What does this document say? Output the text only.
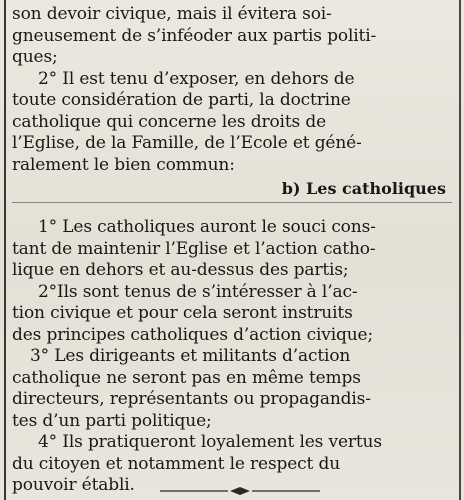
son devoir civique, mais il évitera soi-
gneusement de s’inféoder aux partis politi-
ques;
2° Il est tenu d’exposer, en dehors de
toute considération de parti, la doctrine
catholique qui concerne les droits de
l’Eglise, de la Famille, de l’Ecole et géné-
ralement le bien commun:
b) Les catholiques
1° Les catholiques auront le souci cons-
tant de maintenir l’Eglise et l’action catho-
lique en dehors et au-dessus des partis;
2°Ils sont tenus de s’intéresser à l’ac-
tion civique et pour cela seront instruits
des principes catholiques d’action civique;
3° Les dirigeants et militants d’action
catholique ne seront pas en même temps
directeurs, représentants ou propagandis-
tes d’un parti politique;
4° Ils pratiqueront loyalement les vertus
du citoyen et notamment le respect du
pouvoir établi.
